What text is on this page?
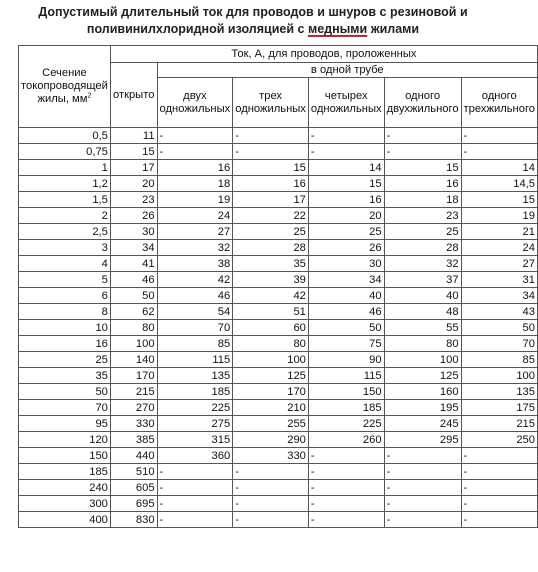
Допустимый длительный ток для проводов и шнуров с резиновой и
поливинилхлоридной изоляцией с медными жилами
Сечение токопроводящей жилы, $мм^2$	Ток, А, для проводов, проложенных					
	открыто	в одной трубе				
		двух одножильных	трех одножильных	четырех одножильных	одного двухжильного	одного трехжильного
0,5	11	-	-	-	-	-
0,75	15	-	-	-	-	-
1	17	16	15	14	15	14
1,2	20	18	16	15	16	14,5
1,5	23	19	17	16	18	15
2	26	24	22	20	23	19
2,5	30	27	25	25	25	21
3	34	32	28	26	28	24
4	41	38	35	30	32	27
5	46	42	39	34	37	31
6	50	46	42	40	40	34
8	62	54	51	46	48	43
10	80	70	60	50	55	50
16	100	85	80	75	80	70
25	140	115	100	90	100	85
35	170	135	125	115	125	100
50	215	185	170	150	160	135
70	270	225	210	185	195	175
95	330	275	255	225	245	215
120	385	315	290	260	295	250
150	440	360	330	-	-	-
185	510	-	-	-	-	-
240	605	-	-	-	-	-
300	695	-	-	-	-	-
400	830	-	-	-	-	-
